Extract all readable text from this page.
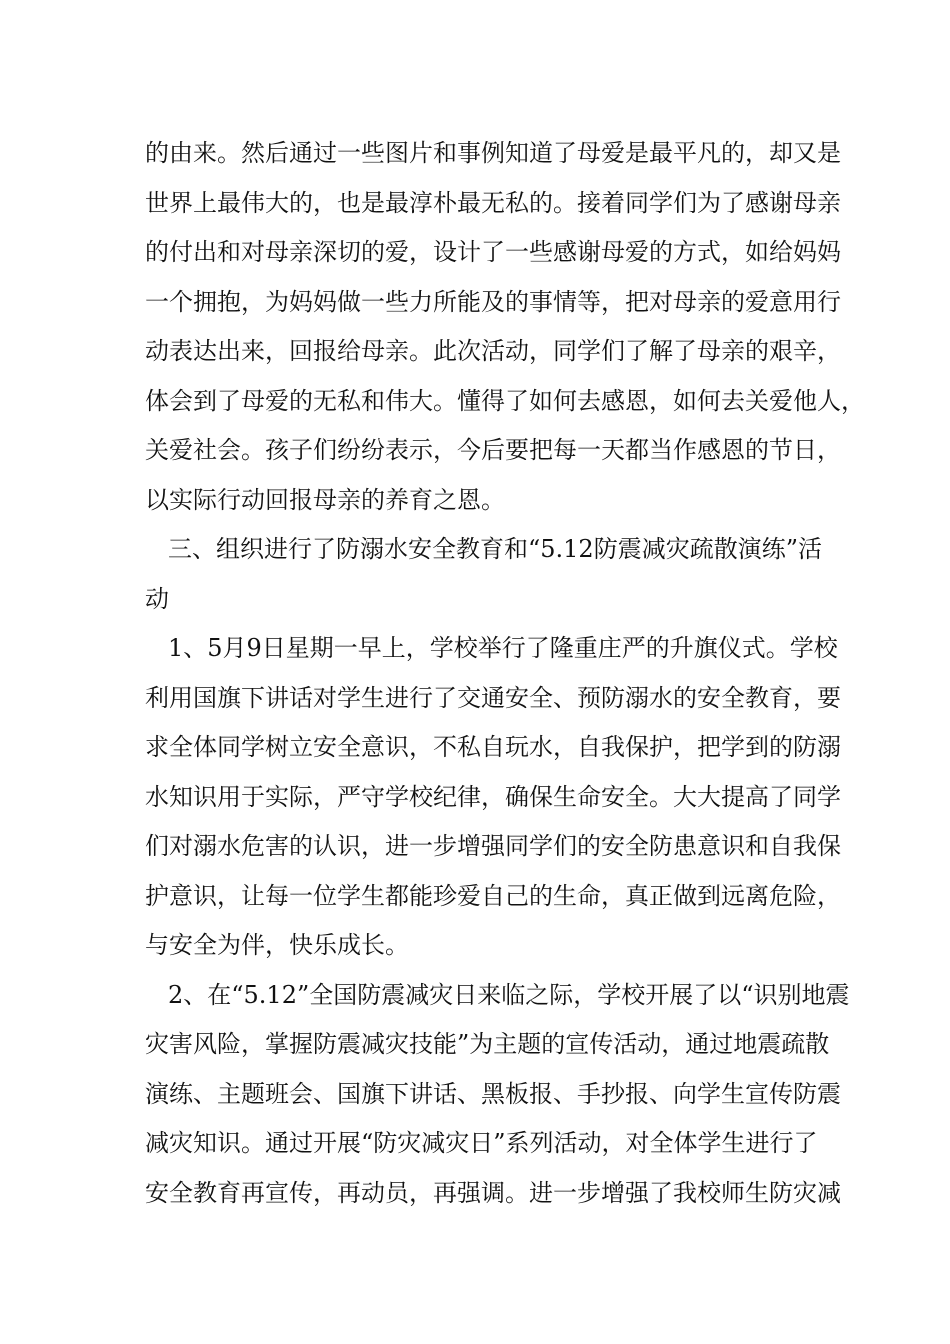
的由来。然后通过一些图片和事例知道了母爱是最平凡的，却又是

世界上最伟大的，也是最淳朴最无私的。接着同学们为了感谢母亲

的付出和对母亲深切的爱，设计了一些感谢母爱的方式，如给妈妈

一个拥抱，为妈妈做一些力所能及的事情等，把对母亲的爱意用行

动表达出来，回报给母亲。此次活动，同学们了解了母亲的艰辛，

体会到了母爱的无私和伟大。懂得了如何去感恩，如何去关爱他人，

关爱社会。孩子们纷纷表示，今后要把每一天都当作感恩的节日，

以实际行动回报母亲的养育之恩。

三、组织进行了防溺水安全教育和“5.12防震减灾疏散演练”活

动

1、5月9日星期一早上，学校举行了隆重庄严的升旗仪式。学校

利用国旗下讲话对学生进行了交通安全、预防溺水的安全教育，要

求全体同学树立安全意识，不私自玩水，自我保护，把学到的防溺

水知识用于实际，严守学校纪律，确保生命安全。大大提高了同学

们对溺水危害的认识，进一步增强同学们的安全防患意识和自我保

护意识，让每一位学生都能珍爱自己的生命，真正做到远离危险，

与安全为伴，快乐成长。

2、在“5.12”全国防震减灾日来临之际，学校开展了以“识别地震

灾害风险，掌握防震减灾技能”为主题的宣传活动，通过地震疏散

演练、主题班会、国旗下讲话、黑板报、手抄报、向学生宣传防震

减灾知识。通过开展“防灾减灾日”系列活动，对全体学生进行了

安全教育再宣传，再动员，再强调。进一步增强了我校师生防灾减
